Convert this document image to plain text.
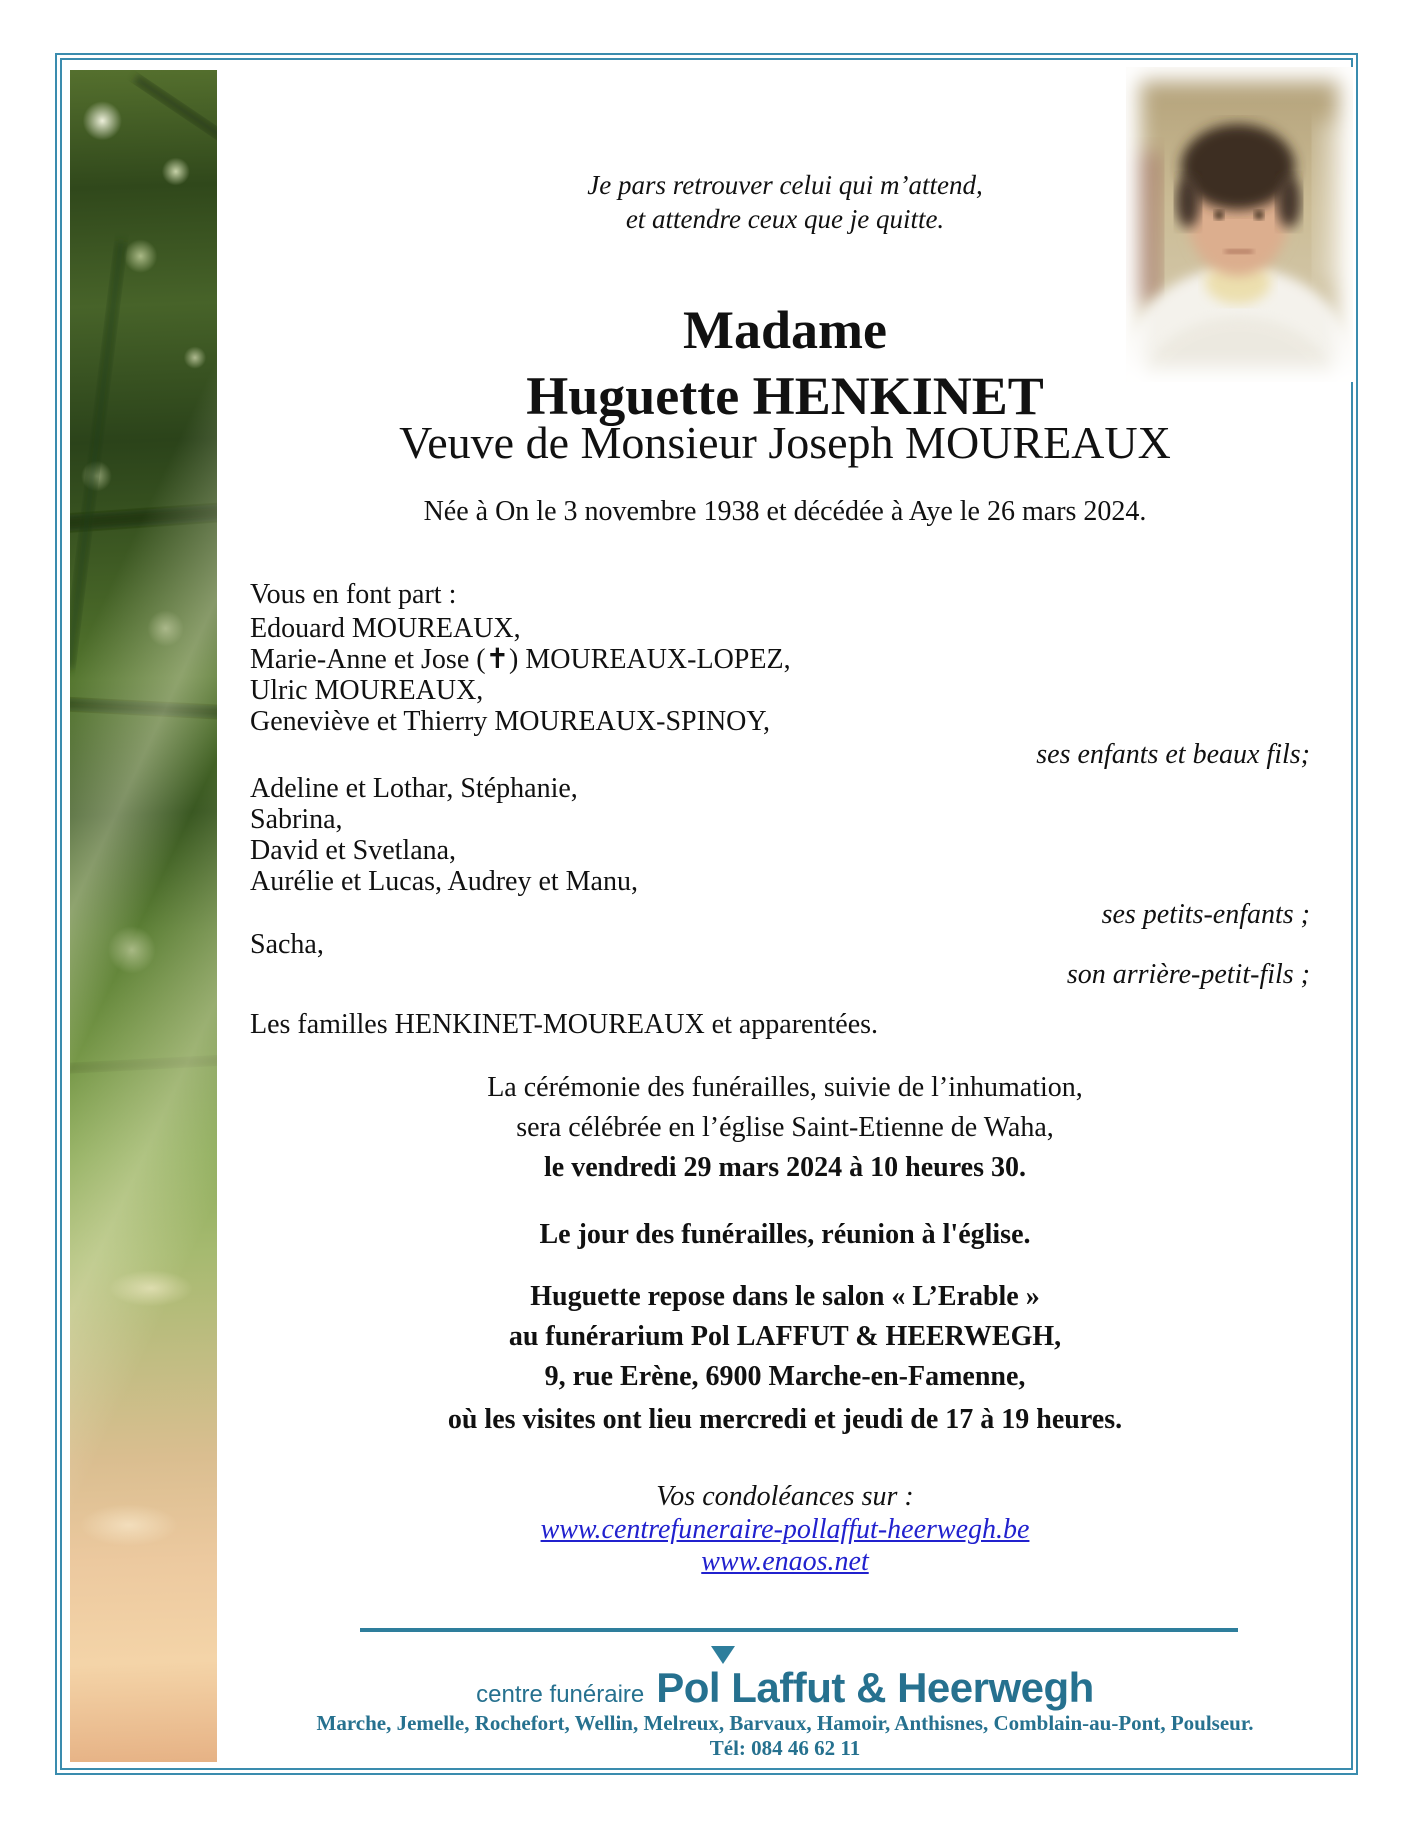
Je pars retrouver celui qui m’attend,
et attendre ceux que je quitte.
Madame
Huguette HENKINET
Veuve de Monsieur Joseph MOUREAUX
Née à On le 3 novembre 1938 et décédée à Aye le 26 mars 2024.
Vous en font part :
Edouard MOUREAUX,
Marie-Anne et Jose (✝) MOUREAUX-LOPEZ,
Ulric MOUREAUX,
Geneviève et Thierry MOUREAUX-SPINOY,
ses enfants et beaux fils;
Adeline et Lothar, Stéphanie,
Sabrina,
David et Svetlana,
Aurélie et Lucas, Audrey et Manu,
ses petits-enfants ;
Sacha,
son arrière-petit-fils ;
Les familles HENKINET-MOUREAUX et apparentées.
La cérémonie des funérailles, suivie de l’inhumation,
sera célébrée en l’église Saint-Etienne de Waha,
le vendredi 29 mars 2024 à 10 heures 30.
Le jour des funérailles, réunion à l'église.
Huguette repose dans le salon « L’Erable »
au funérarium Pol LAFFUT & HEERWEGH,
9, rue Erène, 6900 Marche-en-Famenne,
où les visites ont lieu mercredi et jeudi de 17 à 19 heures.
Vos condoléances sur :
www.centrefuneraire-pollaffut-heerwegh.be
www.enaos.net
centre funéraire Pol Laffut & Heerwegh
Marche, Jemelle, Rochefort, Wellin, Melreux, Barvaux, Hamoir, Anthisnes, Comblain-au-Pont, Poulseur.
Tél: 084 46 62 11
